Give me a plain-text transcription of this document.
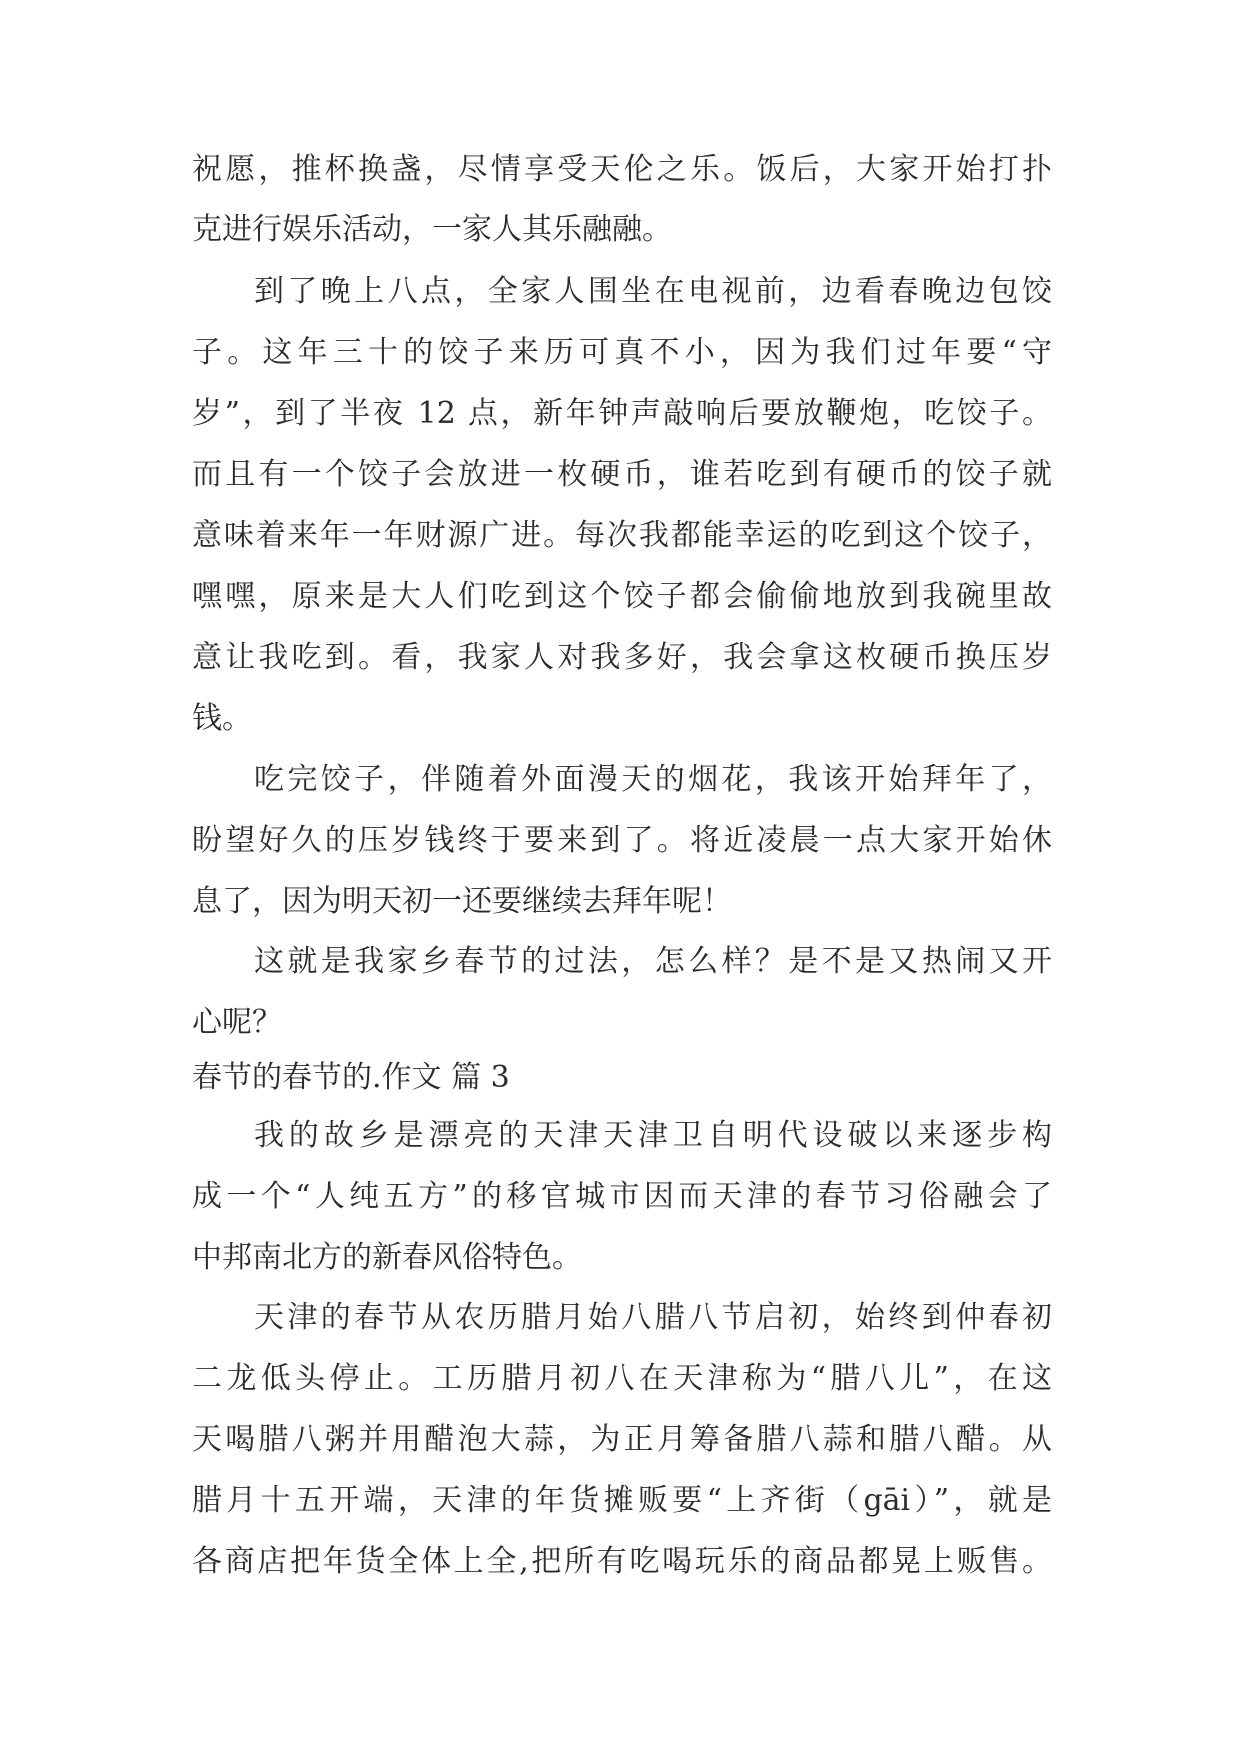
祝愿，推杯换盏，尽情享受天伦之乐。饭后，大家开始打扑
克进行娱乐活动，一家人其乐融融。
到了晚上八点，全家人围坐在电视前，边看春晚边包饺
子。这年三十的饺子来历可真不小，因为我们过年要“守
岁”，到了半夜 12 点，新年钟声敲响后要放鞭炮，吃饺子。
而且有一个饺子会放进一枚硬币，谁若吃到有硬币的饺子就
意味着来年一年财源广进。每次我都能幸运的吃到这个饺子，
嘿嘿，原来是大人们吃到这个饺子都会偷偷地放到我碗里故
意让我吃到。看，我家人对我多好，我会拿这枚硬币换压岁
钱。
吃完饺子，伴随着外面漫天的烟花，我该开始拜年了，
盼望好久的压岁钱终于要来到了。将近凌晨一点大家开始休
息了，因为明天初一还要继续去拜年呢！
这就是我家乡春节的过法，怎么样？是不是又热闹又开
心呢？
春节的春节的.作文 篇 3
我的故乡是漂亮的天津天津卫自明代设破以来逐步构
成一个“人纯五方”的移官城市因而天津的春节习俗融会了
中邦南北方的新春风俗特色。
天津的春节从农历腊月始八腊八节启初，始终到仲春初
二龙低头停止。工历腊月初八在天津称为“腊八儿”，在这
天喝腊八粥并用醋泡大蒜，为正月筹备腊八蒜和腊八醋。从
腊月十五开端，天津的年货摊贩要“上齐街（gāi）”，就是
各商店把年货全体上全,把所有吃喝玩乐的商品都晃上贩售。
